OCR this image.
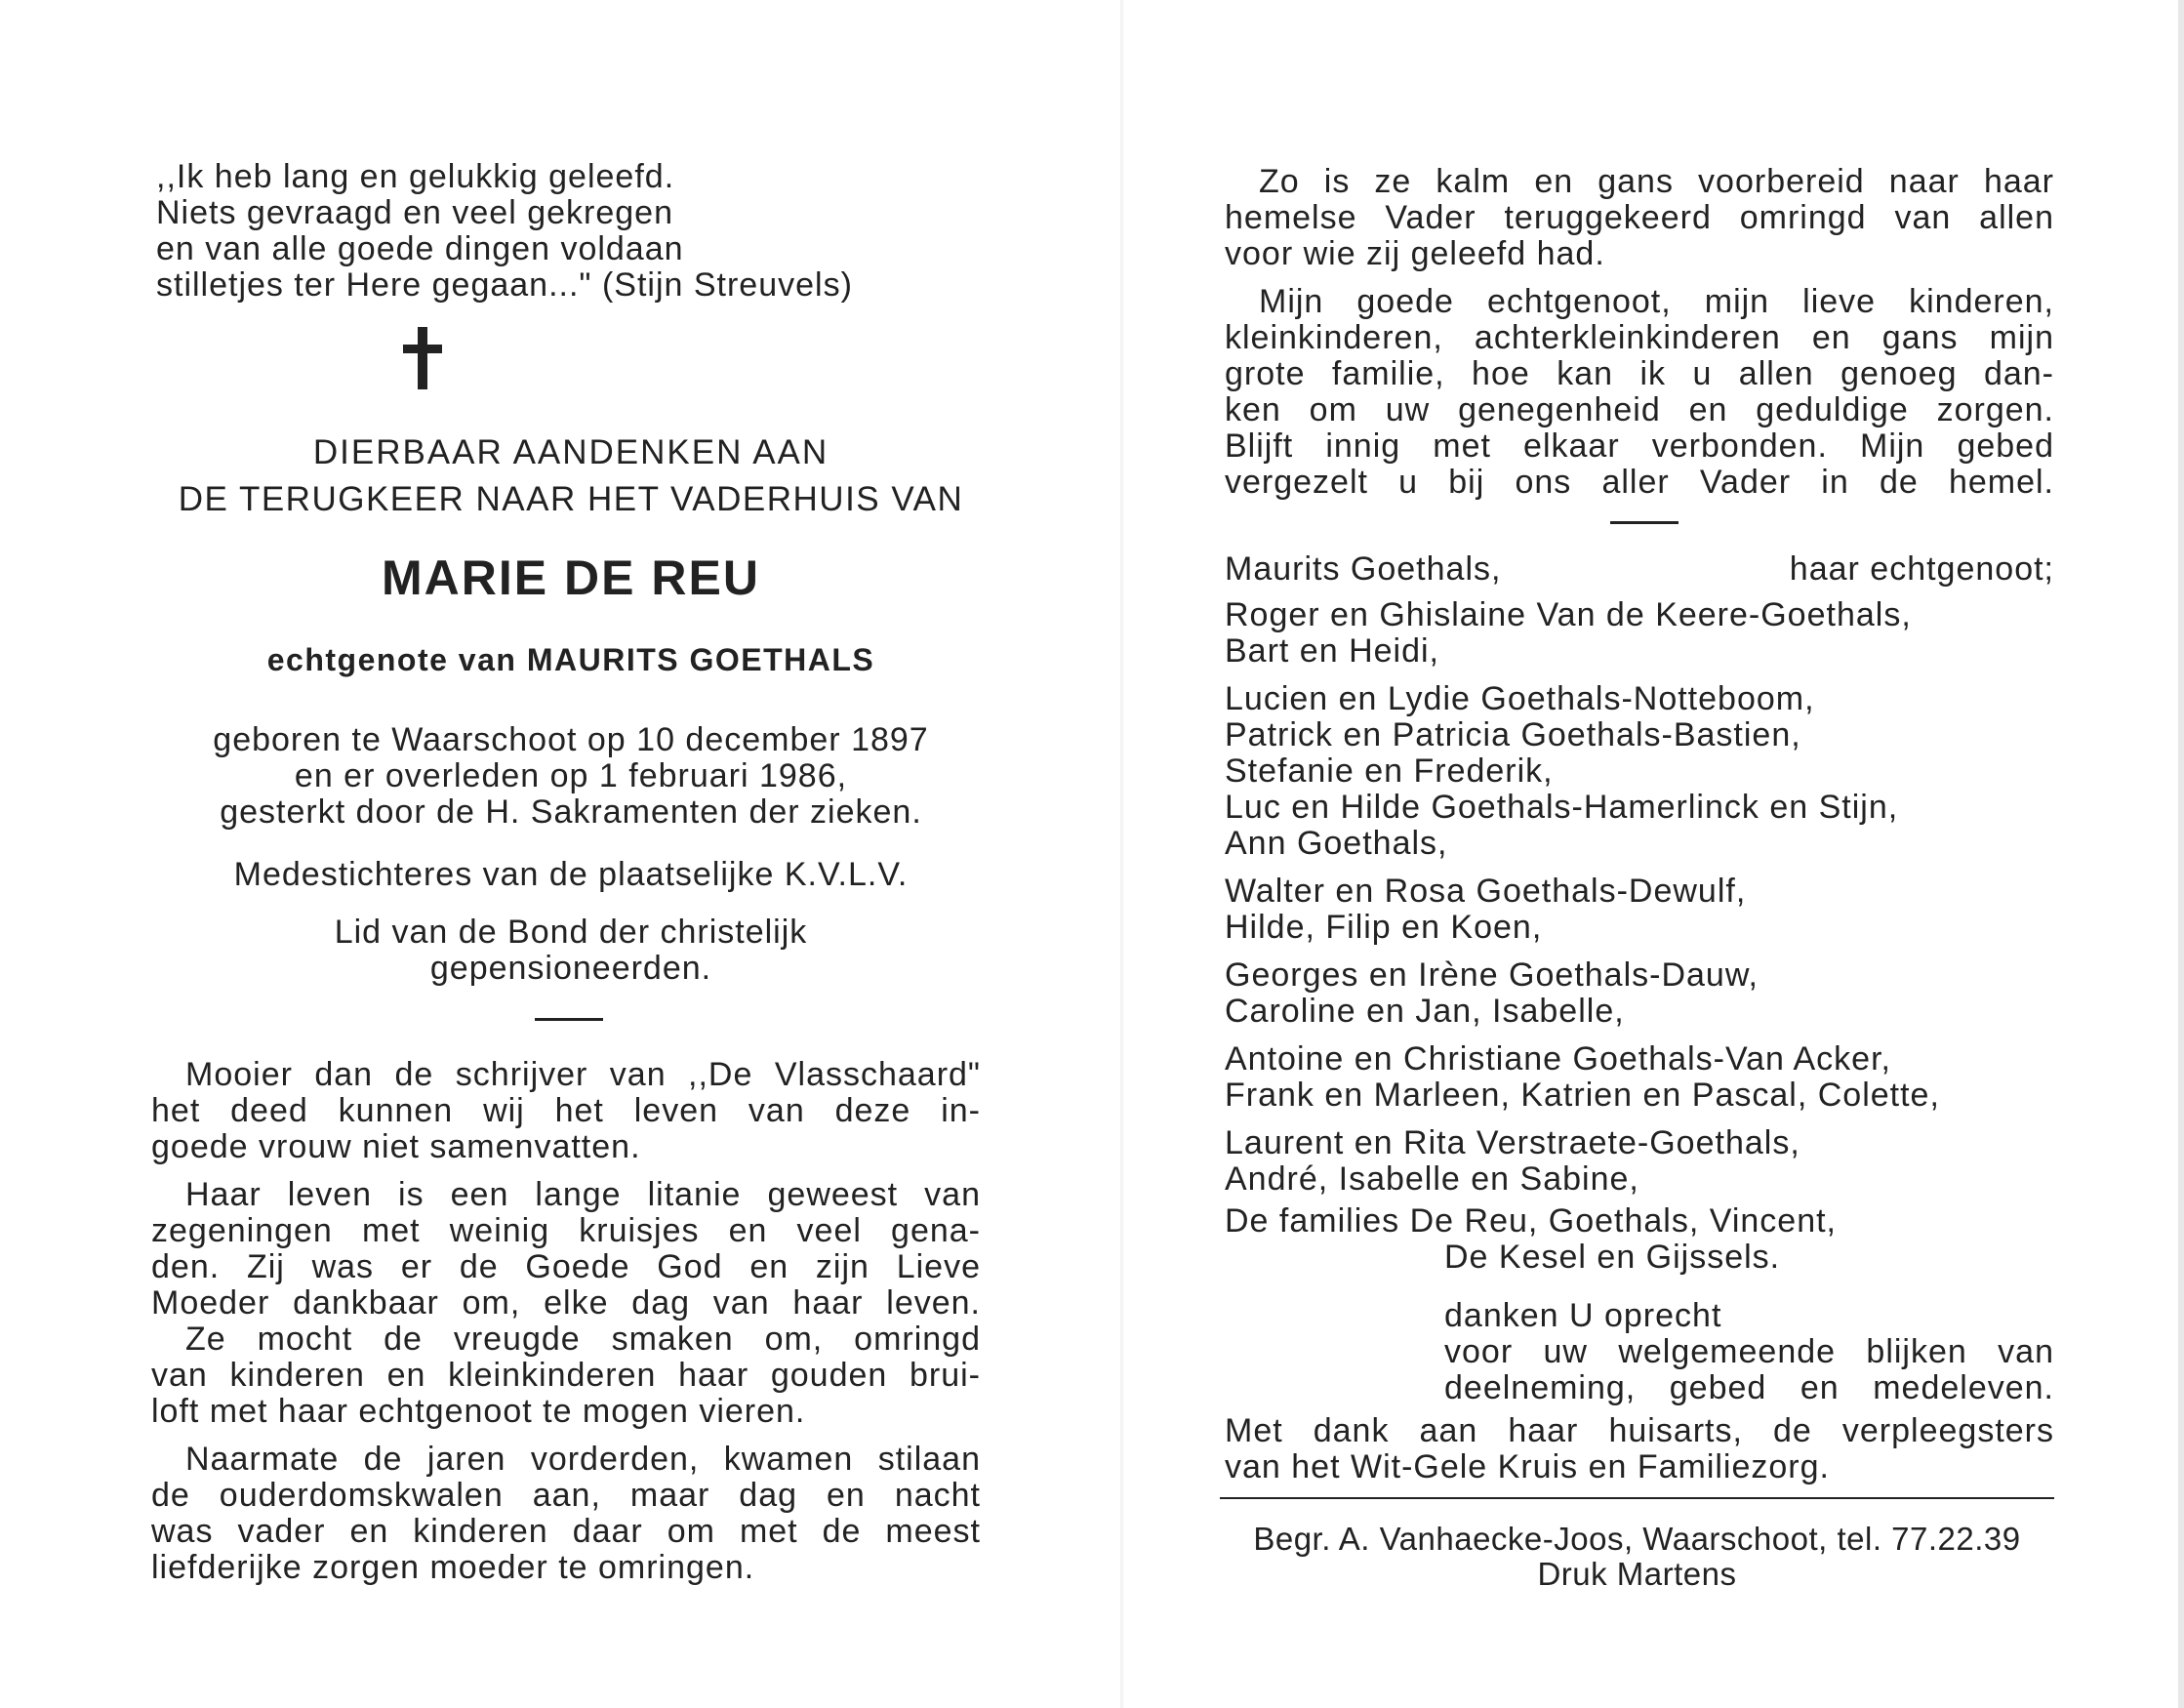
,,Ik heb lang en gelukkig geleefd.
Niets gevraagd en veel gekregen
en van alle goede dingen voldaan
stilletjes ter Here gegaan..." (Stijn Streuvels)
DIERBAAR AANDENKEN AAN
DE TERUGKEER NAAR HET VADERHUIS VAN
MARIE DE REU
echtgenote van MAURITS GOETHALS
geboren te Waarschoot op 10 december 1897
en er overleden op 1 februari 1986,
gesterkt door de H. Sakramenten der zieken.
Medestichteres van de plaatselijke K.V.L.V.
Lid van de Bond der christelijk
gepensioneerden.
Mooier dan de schrijver van ,,De Vlasschaard"
het deed kunnen wij het leven van deze in-
goede vrouw niet samenvatten.
Haar leven is een lange litanie geweest van
zegeningen met weinig kruisjes en veel gena-
den. Zij was er de Goede God en zijn Lieve
Moeder dankbaar om, elke dag van haar leven.
Ze mocht de vreugde smaken om, omringd
van kinderen en kleinkinderen haar gouden brui-
loft met haar echtgenoot te mogen vieren.
Naarmate de jaren vorderden, kwamen stilaan
de ouderdomskwalen aan, maar dag en nacht
was vader en kinderen daar om met de meest
liefderijke zorgen moeder te omringen.
Zo is ze kalm en gans voorbereid naar haar
hemelse Vader teruggekeerd omringd van allen
voor wie zij geleefd had.
Mijn goede echtgenoot, mijn lieve kinderen,
kleinkinderen, achterkleinkinderen en gans mijn
grote familie, hoe kan ik u allen genoeg dan-
ken om uw genegenheid en geduldige zorgen.
Blijft innig met elkaar verbonden. Mijn gebed
vergezelt u bij ons aller Vader in de hemel.
Maurits Goethals,	haar echtgenoot;
Roger en Ghislaine Van de Keere-Goethals,
Bart en Heidi,
Lucien en Lydie Goethals-Notteboom,
Patrick en Patricia Goethals-Bastien,
Stefanie en Frederik,
Luc en Hilde Goethals-Hamerlinck en Stijn,
Ann Goethals,
Walter en Rosa Goethals-Dewulf,
Hilde, Filip en Koen,
Georges en Irène Goethals-Dauw,
Caroline en Jan, Isabelle,
Antoine en Christiane Goethals-Van Acker,
Frank en Marleen, Katrien en Pascal, Colette,
Laurent en Rita Verstraete-Goethals,
André, Isabelle en Sabine,
De families De Reu, Goethals, Vincent,
De Kesel en Gijssels.
danken U oprecht
voor uw welgemeende blijken van
deelneming, gebed en medeleven.
Met dank aan haar huisarts, de verpleegsters
van het Wit-Gele Kruis en Familiezorg.
Begr. A. Vanhaecke-Joos, Waarschoot, tel. 77.22.39
Druk Martens
